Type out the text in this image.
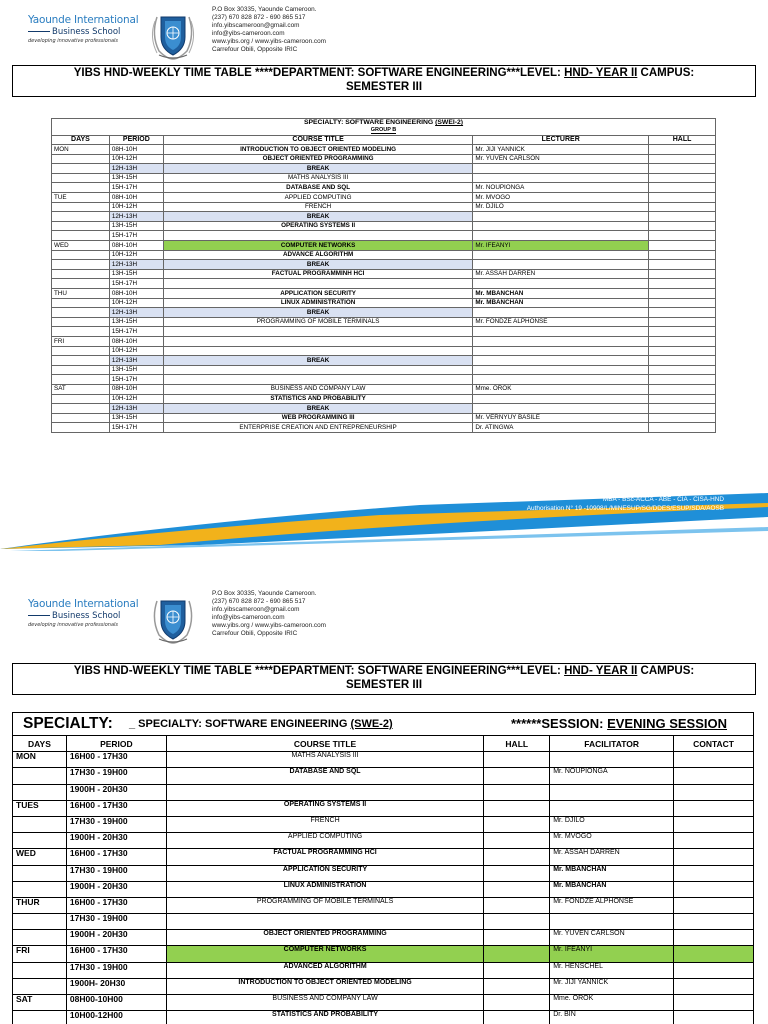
Yaounde International
Business School
developing innovative professionals
P.O Box 30335, Yaounde Cameroon.
(237) 670 828 872 - 690 865 517
info.yibscameroon@gmail.com
info@yibs-cameroon.com
www.yibs.org / www.yibs-cameroon.com
Carrefour Obili, Opposite IRIC
YIBS HND-WEEKLY TIME TABLE ****DEPARTMENT: SOFTWARE ENGINEERING***LEVEL: HND- YEAR II CAMPUS:
SEMESTER III
SPECIALTY: SOFTWARE ENGINEERING (SWEI-2)				
GROUP B				
DAYS	PERIOD	COURSE TITLE	LECTURER	HALL
MON	08H-10H	INTRODUCTION TO OBJECT ORIENTED MODELING	Mr. JIJI YANNICK	
	10H-12H	OBJECT ORIENTED PROGRAMMING	Mr. YUVEN CARLSON	
	12H-13H	BREAK		
	13H-15H	MATHS ANALYSIS III		
	15H-17H	DATABASE AND SQL	Mr. NOUPIONGA	
TUE	08H-10H	APPLIED COMPUTING	Mr. MVOGO	
	10H-12H	FRENCH	Mr. DJILO	
	12H-13H	BREAK		
	13H-15H	OPERATING SYSTEMS II		
	15H-17H			
WED	08H-10H	COMPUTER NETWORKS	Mr. IFEANYI	
	10H-12H	ADVANCE ALGORITHM		
	12H-13H	BREAK		
	13H-15H	FACTUAL PROGRAMMINH HCI	Mr. ASSAH DARREN	
	15H-17H			
THU	08H-10H	APPLICATION SECURITY	Mr. MBANCHAN	
	10H-12H	LINUX ADMINISTRATION	Mr. MBANCHAN	
	12H-13H	BREAK		
	13H-15H	PROGRAMMING OF MOBILE TERMINALS	Mr. FONDZE ALPHONSE	
	15H-17H			
FRI	08H-10H			
	10H-12H			
	12H-13H	BREAK		
	13H-15H			
	15H-17H			
SAT	08H-10H	BUSINESS AND COMPANY LAW	Mme. OROK	
	10H-12H	STATISTICS AND PROBABILITY		
	12H-13H	BREAK		
	13H-15H	WEB PROGRAMMING III	Mr. VERNYUY BASILE	
	15H-17H	ENTERPRISE CREATION AND ENTREPRENEURSHIP	Dr. ATINGWA	
MBA - BSc-ACCA - ABE - CIA - CISA-HND
Authorisation N° 19 -10908/L/MINESUP/SG/DDES/ESUP/SDA/AOSB
Yaounde International
Business School
developing innovative professionals
P.O Box 30335, Yaounde Cameroon.
(237) 670 828 872 - 690 865 517
info.yibscameroon@gmail.com
info@yibs-cameroon.com
www.yibs.org / www.yibs-cameroon.com
Carrefour Obili, Opposite IRIC
YIBS HND-WEEKLY TIME TABLE ****DEPARTMENT: SOFTWARE ENGINEERING***LEVEL: HND- YEAR II CAMPUS:
SEMESTER III
SPECIALTY: _ SPECIALTY: SOFTWARE ENGINEERING (SWE-2)	******SESSION: EVENING SESSION
DAYS	PERIOD	COURSE TITLE	HALL	FACILITATOR	CONTACT
MON	16H00 - 17H30	MATHS ANALYSIS III			
	17H30 - 19H00	DATABASE AND SQL		Mr. NOUPIONGA	
	1900H - 20H30				
TUES	16H00 - 17H30	OPERATING SYSTEMS II			
	17H30 - 19H00	FRENCH		Mr. DJILO	
	1900H - 20H30	APPLIED COMPUTING		Mr. MVOGO	
WED	16H00 - 17H30	FACTUAL PROGRAMMING HCI		Mr. ASSAH DARREN	
	17H30 - 19H00	APPLICATION SECURITY		Mr. MBANCHAN	
	1900H - 20H30	LINUX ADMINISTRATION		Mr. MBANCHAN	
THUR	16H00 - 17H30	PROGRAMMING OF MOBILE TERMINALS		Mr. FONDZE ALPHONSE	
	17H30 - 19H00				
	1900H - 20H30	OBJECT ORIENTED PROGRAMMING		Mr. YUVEN CARLSON	
FRI	16H00 - 17H30	COMPUTER NETWORKS		Mr. IFEANYI	
	17H30 - 19H00	ADVANCED ALGORITHM		Mr. HENSCHEL	
	1900H- 20H30	INTRODUCTION TO OBJECT ORIENTED MODELING		Mr. JIJI YANNICK	
SAT	08H00-10H00	BUSINESS AND COMPANY LAW		Mme. OROK	
	10H00-12H00	STATISTICS AND PROBABILITY		Dr. BIN	
